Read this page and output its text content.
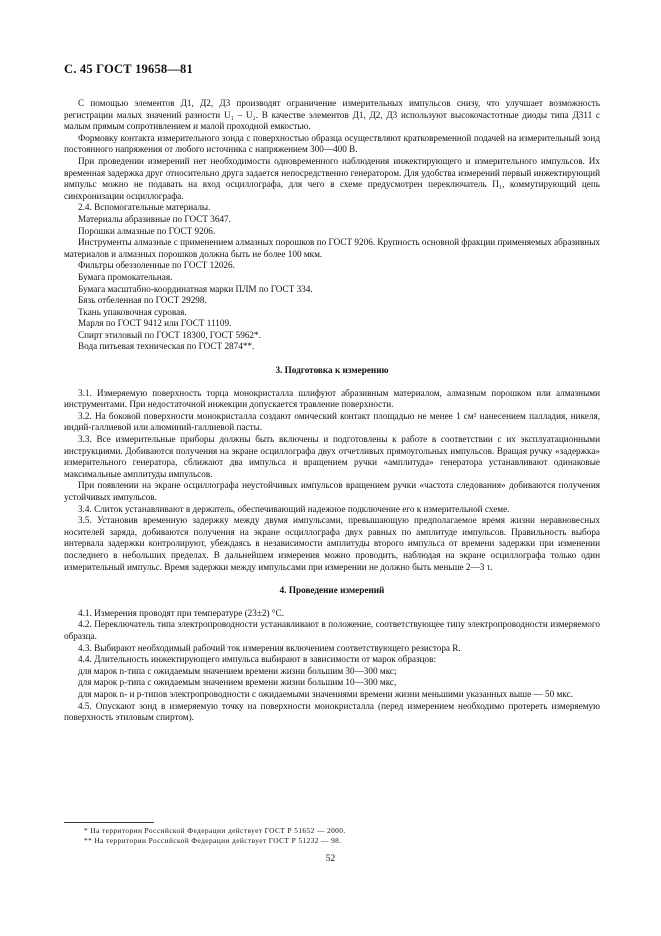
С. 45 ГОСТ 19658—81

С помощью элементов Д1, Д2, Д3 производят ограничение измерительных импульсов снизу, что улучшает возможность регистрации малых значений разности U₁ – U₂. В качестве элементов Д1, Д2, Д3 используют высокочастотные диоды типа Д311 с малым прямым сопротивлением и малой проходной емкостью.

Формовку контакта измерительного зонда с поверхностью образца осуществляют кратковременной подачей на измерительный зонд постоянного напряжения от любого источника с напряжением 300—400 В.

При проведении измерений нет необходимости одновременного наблюдения инжектирующего и измерительного импульсов. Их временная задержка друг относительно друга задается непосредственно генератором. Для удобства измерений первый инжектирующий импульс можно не подавать на вход осциллографа, для чего в схеме предусмотрен переключатель П₁, коммутирующий цепь синхронизации осциллографа.

2.4. Вспомогательные материалы.

Материалы абразивные по ГОСТ 3647.

Порошки алмазные по ГОСТ 9206.

Инструменты алмазные с применением алмазных порошков по ГОСТ 9206. Крупность основной фракции применяемых абразивных материалов и алмазных порошков должна быть не более 100 мкм.

Фильтры обеззоленные по ГОСТ 12026.

Бумага промокательная.

Бумага масштабно-координатная марки ПЛМ по ГОСТ 334.

Бязь отбеленная по ГОСТ 29298.

Ткань упаковочная суровая.

Марля по ГОСТ 9412 или ГОСТ 11109.

Спирт этиловый по ГОСТ 18300, ГОСТ 5962*.

Вода питьевая техническая по ГОСТ 2874**.

3. Подготовка к измерению

3.1. Измеряемую поверхность торца монокристалла шлифуют абразивным материалом, алмазным порошком или алмазными инструментами. При недостаточной инжекции допускается травление поверхности.

3.2. На боковой поверхности монокристалла создают омический контакт площадью не менее 1 см² нанесением палладия, никеля, индий-галлиевой или алюминий-галлиевой пасты.

3.3. Все измерительные приборы должны быть включены и подготовлены к работе в соответствии с их эксплуатационными инструкциями. Добиваются получения на экране осциллографа двух отчетливых прямоугольных импульсов. Вращая ручку «задержка» измерительного генератора, сближают два импульса и вращением ручки «амплитуда» генератора устанавливают одинаковые максимальные амплитуды импульсов.

При появлении на экране осциллографа неустойчивых импульсов вращением ручки «частота следования» добиваются получения устойчивых импульсов.

3.4. Слиток устанавливают в держатель, обеспечивающий надежное подключение его к измерительной схеме.

3.5. Установив временную задержку между двумя импульсами, превышающую предполагаемое время жизни неравновесных носителей заряда, добиваются получения на экране осциллографа двух равных по амплитуде импульсов. Правильность выбора интервала задержки контролируют, убеждаясь в независимости амплитуды второго импульса от времени задержки при изменении последнего в небольших пределах. В дальнейшем измерения можно проводить, наблюдая на экране осциллографа только один измерительный импульс. Время задержки между импульсами при измерении не должно быть меньше 2—3 τ.

4. Проведение измерений

4.1. Измерения проводят при температуре (23±2) °С.

4.2. Переключатель типа электропроводности устанавливают в положение, соответствующее типу электропроводности измеряемого образца.

4.3. Выбирают необходимый рабочий ток измерения включением соответствующего резистора R.

4.4. Длительность инжектирующего импульса выбирают в зависимости от марок образцов:

для марок n-типа с ожидаемым значением времени жизни большим 30—300 мкс;

для марок p-типа с ожидаемым значением времени жизни большим 10—300 мкс,

для марок n- и p-типов электропроводности с ожидаемыми значениями времени жизни меньшими указанных выше — 50 мкс.

4.5. Опускают зонд в измеряемую точку на поверхности монокристалла (перед измерением необходимо протереть измеряемую поверхность этиловым спиртом).

* На территории Российской Федерации действует ГОСТ Р 51652 — 2000.

** На территории Российской Федерации действует ГОСТ Р 51232 — 98.

52
